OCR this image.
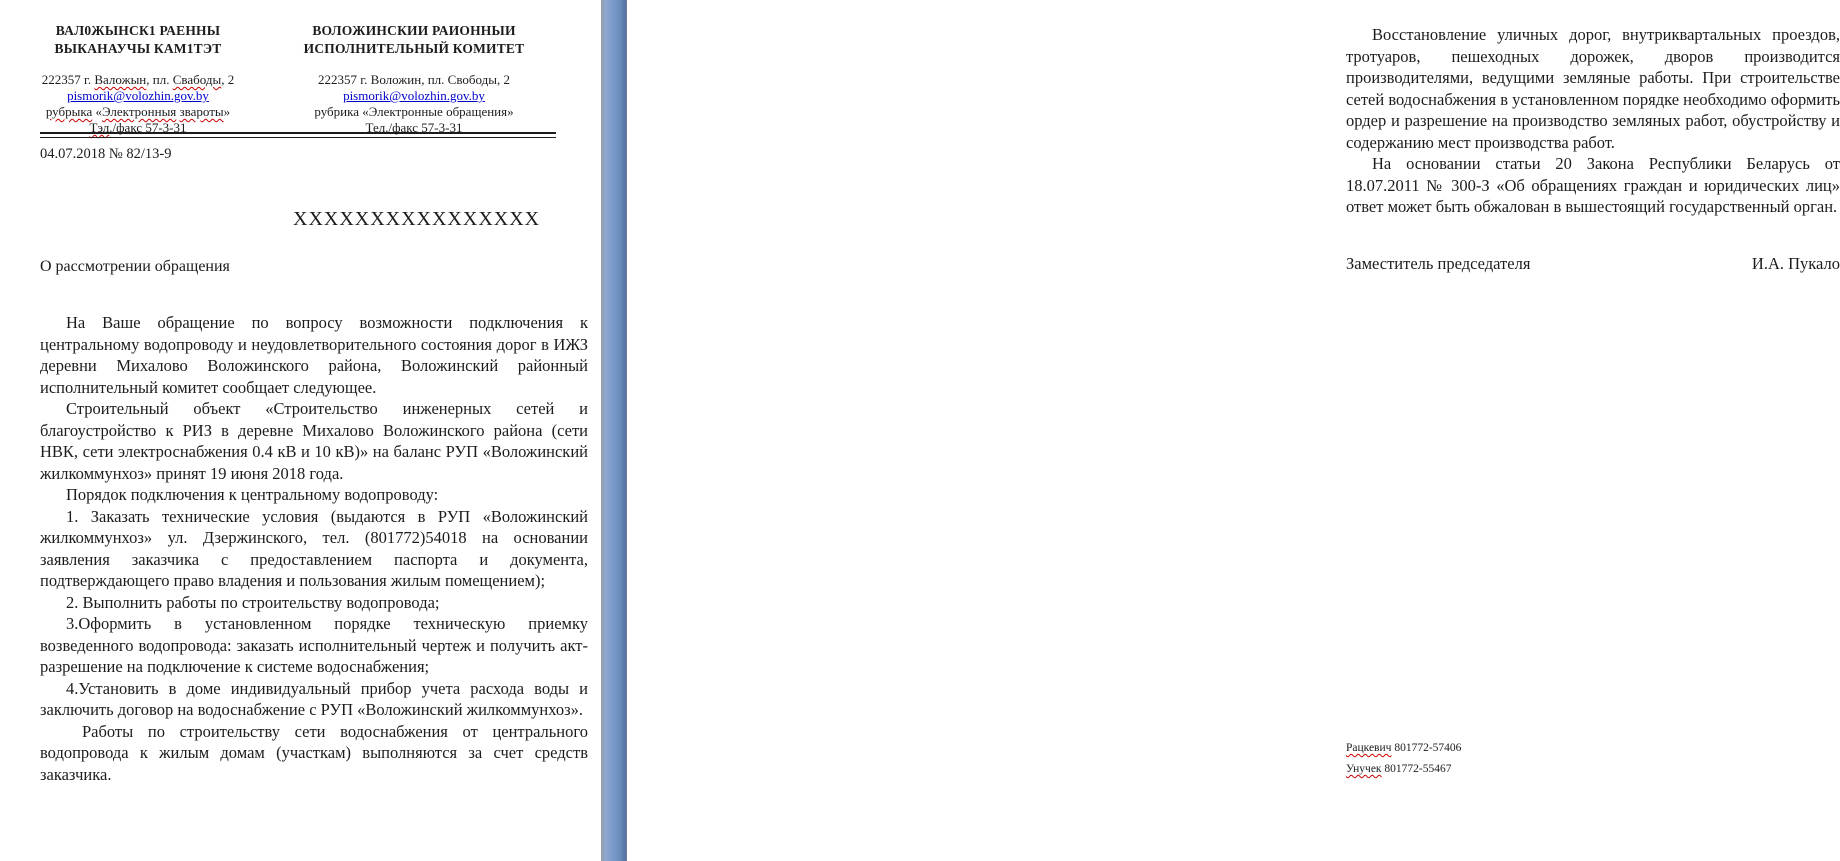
ВАЛ0ЖЫНСК1 РАЕННЫ
ВЫКАНАУЧЫ КАМ1ТЭТ
222357 г. Валожын, пл. Свабоды, 2
pismorik@volozhin.gov.by
рубрыка «Электронныя звароты»
Тэл./факс 57-3-31
ВОЛОЖИНСКИИ РАИОННЫИ
ИСПОЛНИТЕЛЬНЫЙ КОМИТЕТ
222357 г. Воложин, пл. Свободы, 2
pismorik@volozhin.gov.by
рубрика «Электронные обращения»
Тел./факс 57-3-31
04.07.2018 № 82/13-9
ХХХХХХХХХХХХХХХХ
О рассмотрении обращения

На Ваше обращение по вопросу возможности подключения к центральному водопроводу и неудовлетворительного состояния дорог в ИЖЗ деревни Михалово Воложинского района, Воложинский районный исполнительный комитет сообщает следующее.

Строительный объект «Строительство инженерных сетей и благоустройство к РИЗ в деревне Михалово Воложинского района (сети НВК, сети электроснабжения 0.4 кВ и 10 кВ)» на баланс РУП «Воложинский жилкоммунхоз» принят 19 июня 2018 года.

Порядок подключения к центральному водопроводу:

1. Заказать технические условия (выдаются в РУП «Воложинский жилкоммунхоз» ул. Дзержинского, тел. (801772)54018 на основании заявления заказчика с предоставлением паспорта и документа, подтверждающего право владения и пользования жилым помещением);

2. Выполнить работы по строительству водопровода;

3.Оформить в установленном порядке техническую приемку возведенного водопровода: заказать исполнительный чертеж и получить акт-разрешение на подключение к системе водоснабжения;

4.Установить в доме индивидуальный прибор учета расхода воды и заключить договор на водоснабжение с РУП «Воложинский жилкоммунхоз».

Работы по строительству сети водоснабжения от центрального водопровода к жилым домам (участкам) выполняются за счет средств заказчика.

Восстановление уличных дорог, внутриквартальных проездов, тротуаров, пешеходных дорожек, дворов производится производителями, ведущими земляные работы. При строительстве сетей водоснабжения в установленном порядке необходимо оформить ордер и разрешение на производство земляных работ, обустройству и содержанию мест производства работ.

На основании статьи 20 Закона Республики Беларусь от 18.07.2011 № 300-З «Об обращениях граждан и юридических лиц» ответ может быть обжалован в вышестоящий государственный орган.

Заместитель председателя	И.А. Пукало
Рацкевич 801772-57406
Унучек 801772-55467
